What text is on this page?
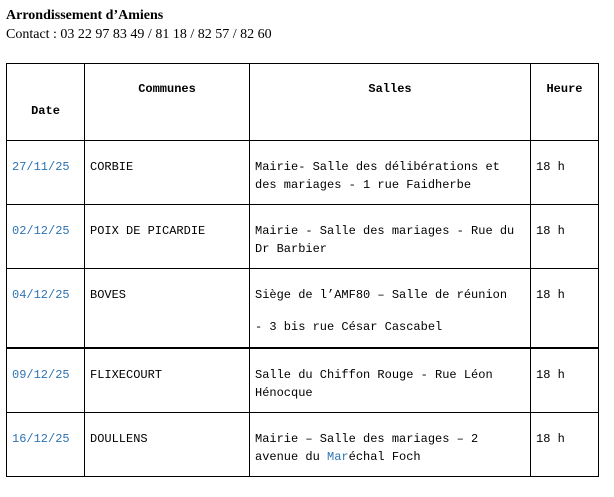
Arrondissement d’Amiens
Contact : 03 22 97 83 49 / 81 18 / 82 57 / 82 60
Date	Communes	Salles	Heure

27/11/25	CORBIE	Mairie- Salle des délibérations et
des mariages - 1 rue Faidherbe	18 h

02/12/25	POIX DE PICARDIE	Mairie - Salle des mariages - Rue du
Dr Barbier	18 h

04/12/25	BOVES	Siège de l’AMF80 – Salle de réunion
- 3 bis rue César Cascabel	18 h

09/12/25	FLIXECOURT	Salle du Chiffon Rouge - Rue Léon
Hénocque	18 h

16/12/25	DOULLENS	Mairie – Salle des mariages – 2
avenue du Maréchal Foch	18 h
